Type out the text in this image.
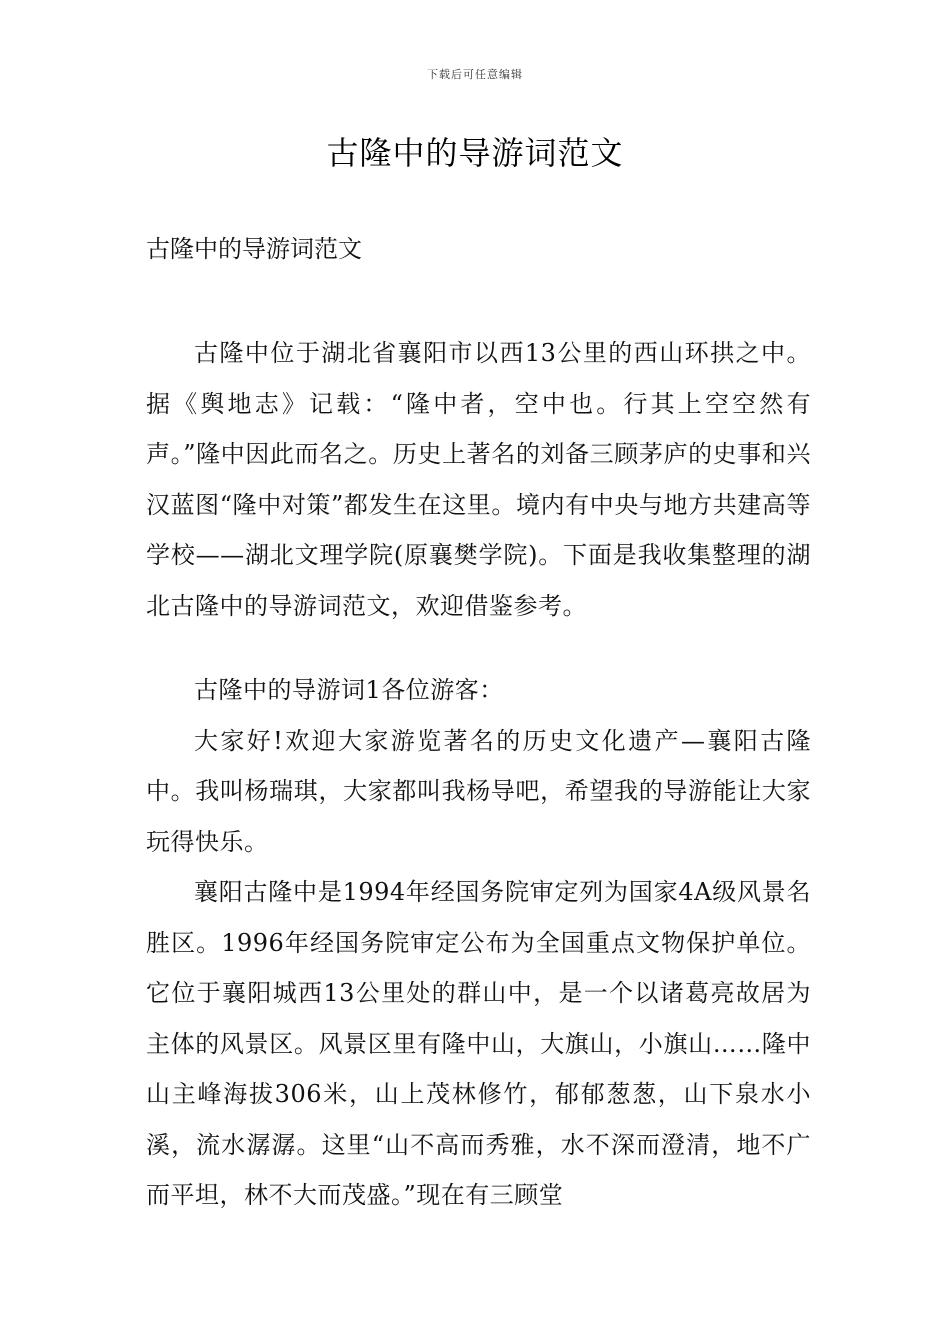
下载后可任意编辑
古隆中的导游词范文

古隆中的导游词范文

古隆中位于湖北省襄阳市以西13公里的西山环拱之中。据《舆地志》记载：“隆中者，空中也。行其上空空然有声。”隆中因此而名之。历史上著名的刘备三顾茅庐的史事和兴汉蓝图“隆中对策”都发生在这里。境内有中央与地方共建高等学校——湖北文理学院(原襄樊学院)。下面是我收集整理的湖北古隆中的导游词范文，欢迎借鉴参考。

古隆中的导游词1各位游客：

大家好!欢迎大家游览著名的历史文化遗产—襄阳古隆中。我叫杨瑞琪，大家都叫我杨导吧，希望我的导游能让大家玩得快乐。

襄阳古隆中是1994年经国务院审定列为国家4A级风景名胜区。1996年经国务院审定公布为全国重点文物保护单位。它位于襄阳城西13公里处的群山中，是一个以诸葛亮故居为主体的风景区。风景区里有隆中山，大旗山，小旗山……隆中山主峰海拔306米，山上茂林修竹，郁郁葱葱，山下泉水小溪，流水潺潺。这里“山不高而秀雅，水不深而澄清，地不广而平坦，林不大而茂盛。”现在有三顾堂
